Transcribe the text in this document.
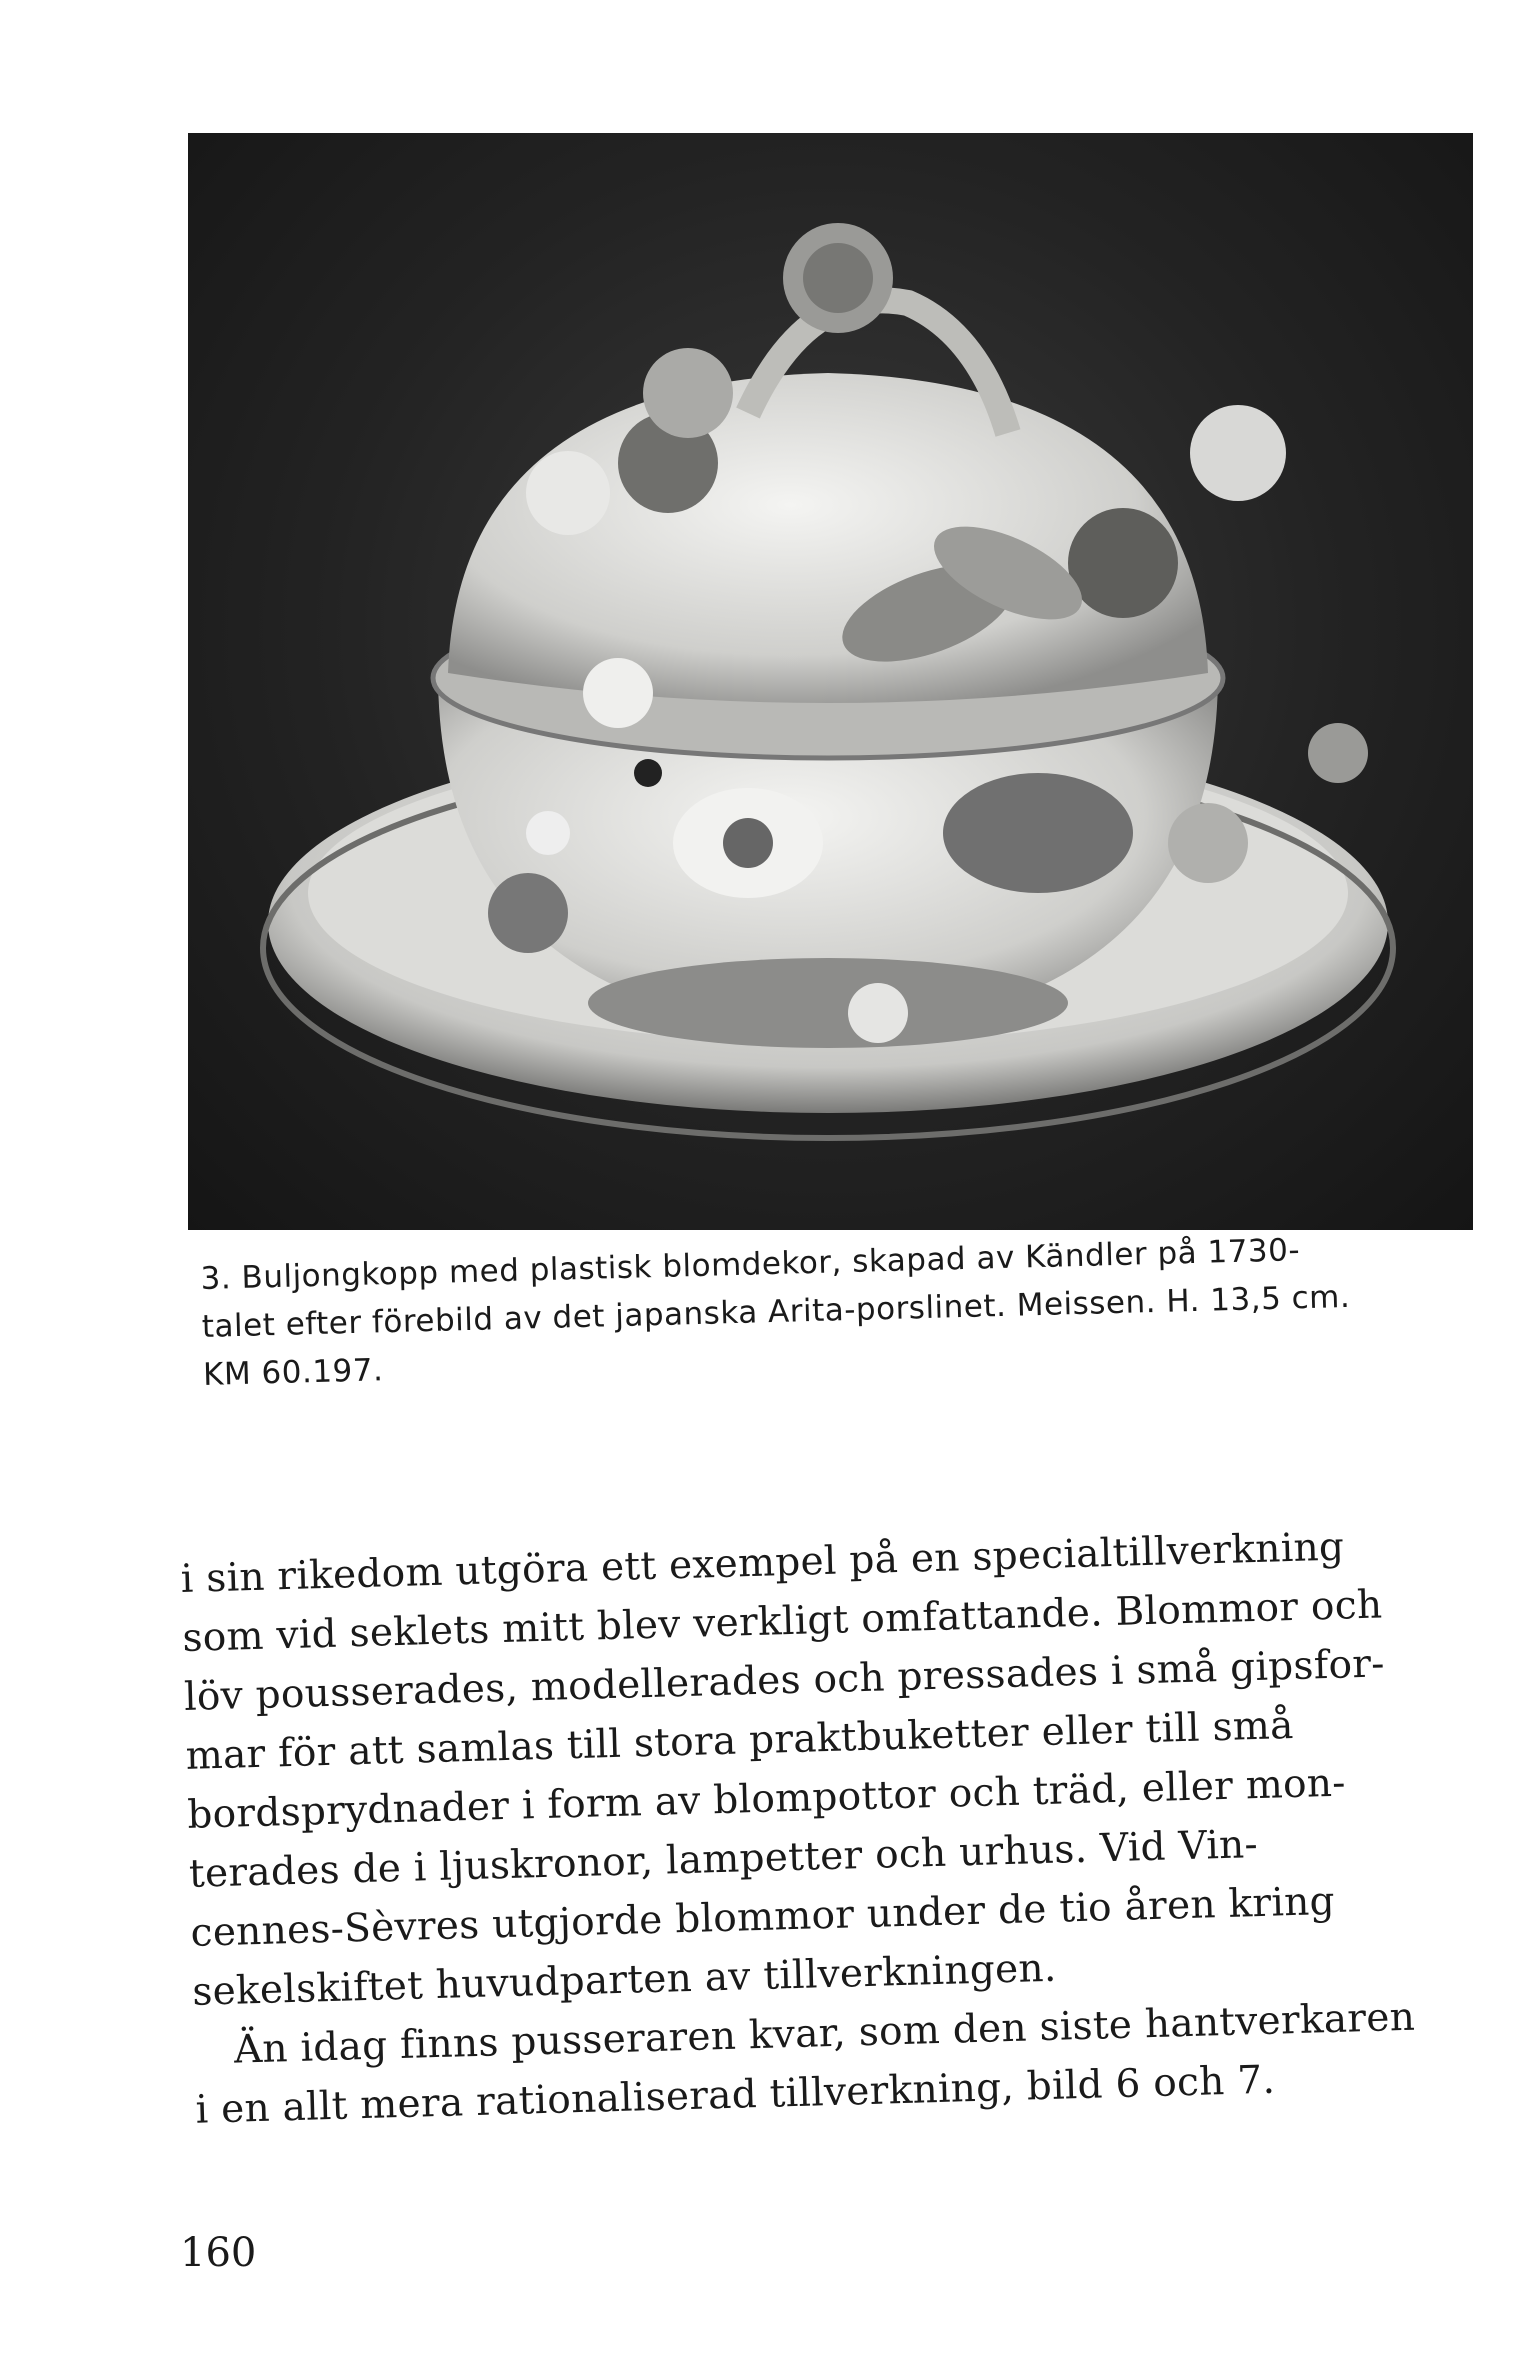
3. Buljongkopp med plastisk blomdekor, skapad av Kändler på 1730-
talet efter förebild av det japanska Arita-porslinet. Meissen. H. 13,5 cm.
KM 60.197.
i sin rikedom utgöra ett exempel på en specialtillverkning
som vid seklets mitt blev verkligt omfattande. Blommor och
löv pousserades, modellerades och pressades i små gipsfor-
mar för att samlas till stora praktbuketter eller till små
bordsprydnader i form av blompottor och träd, eller mon-
terades de i ljuskronor, lampetter och urhus. Vid Vin-
cennes-Sèvres utgjorde blommor under de tio åren kring
sekelskiftet huvudparten av tillverkningen.
Än idag finns pusseraren kvar, som den siste hantverkaren
i en allt mera rationaliserad tillverkning, bild 6 och 7.
160
